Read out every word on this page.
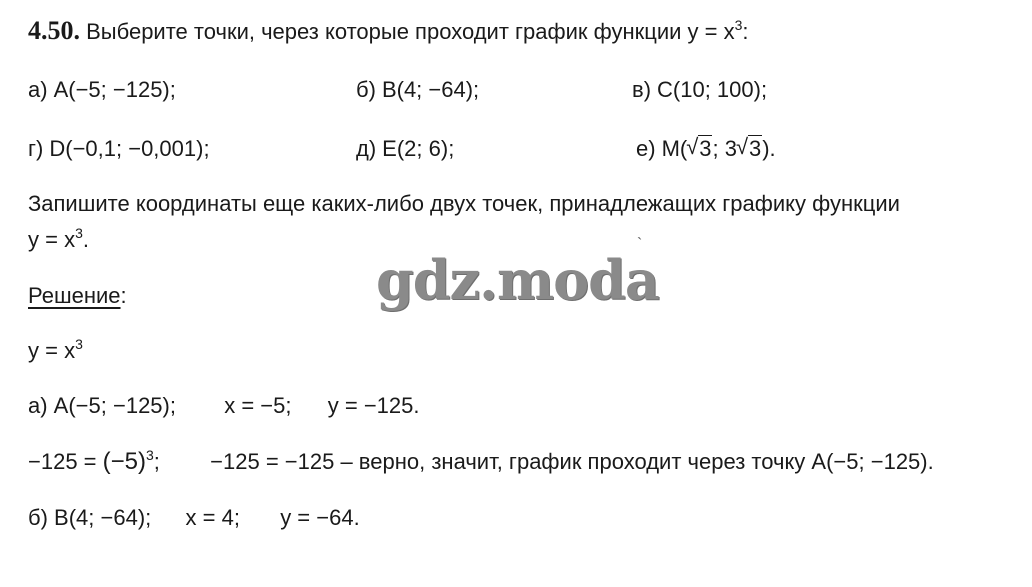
4.50. Выберите точки, через которые проходит график функции $y = x^3$:
а) A(−5; −125);	б) B(4; −64);	в) C(10; 100);
г) D(−0,1; −0,001);	д) E(2; 6);	е) M( √ 3; 3 √ 3).
Запишите координаты еще каких-либо двух точек, принадлежащих графику функции
$y = x^3$.	`
gdz.moda
Решение:
$y = x^3$
а) A(−5; −125); x = −5; y = −125.
$-125 = (-5)^3$; −125 = −125 – верно, значит, график проходит через точку A(−5; −125).
б) B(4; −64); x = 4; y = −64.
